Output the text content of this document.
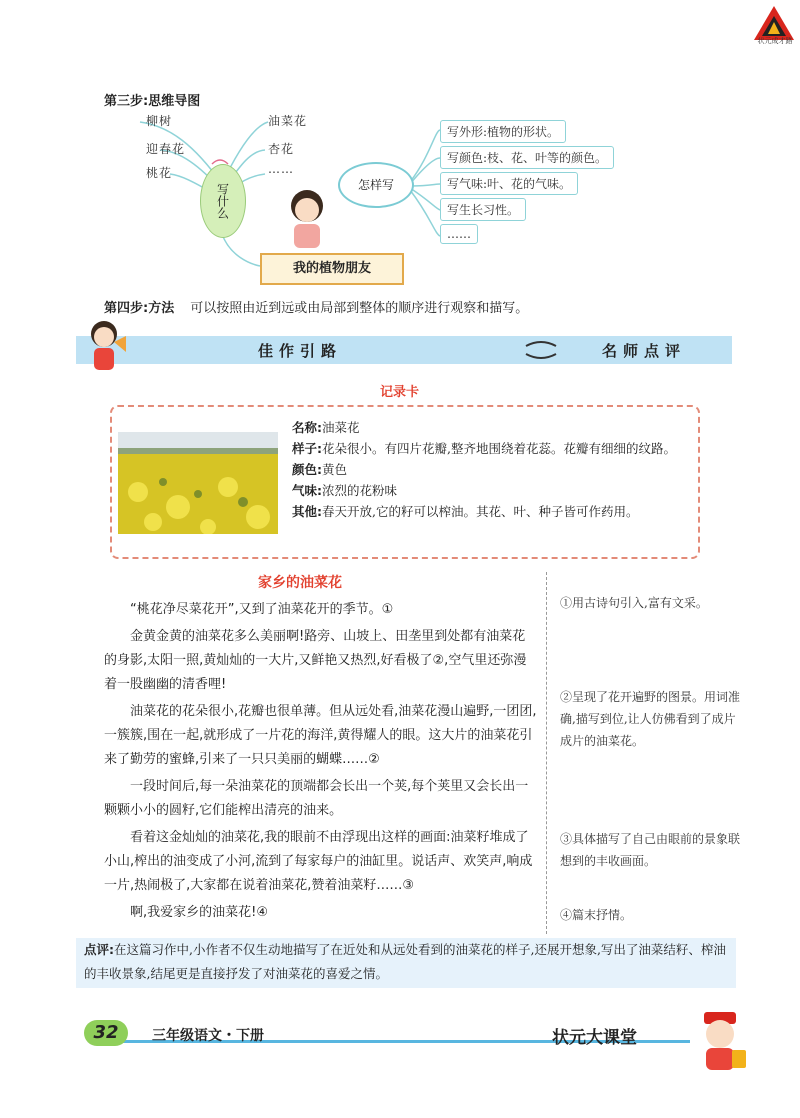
状元成才路
第三步:思维导图
柳树
迎春花
桃花
油菜花
杏花
……
写什么
我的植物朋友
怎样写
写外形:植物的形状。
写颜色:枝、花、叶等的颜色。
写气味:叶、花的气味。
写生长习性。
……
第四步:方法 可以按照由近到远或由局部到整体的顺序进行观察和描写。
佳作引路	名师点评
记录卡
名称: 油菜花
样子: 花朵很小。有四片花瓣,整齐地围绕着花蕊。花瓣有细细的纹路。
颜色: 黄色
气味: 浓烈的花粉味
其他: 春天开放,它的籽可以榨油。其花、叶、种子皆可作药用。
家乡的油菜花

“桃花净尽菜花开”,又到了油菜花开的季节。①

金黄金黄的油菜花多么美丽啊!路旁、山坡上、田垄里到处都有油菜花的身影,太阳一照,黄灿灿的一大片,又鲜艳又热烈,好看极了②,空气里还弥漫着一股幽幽的清香哩!

油菜花的花朵很小,花瓣也很单薄。但从远处看,油菜花漫山遍野,一团团,一簇簇,围在一起,就形成了一片花的海洋,黄得耀人的眼。这大片的油菜花引来了勤劳的蜜蜂,引来了一只只美丽的蝴蝶……②

一段时间后,每一朵油菜花的顶端都会长出一个荚,每个荚里又会长出一颗颗小小的圆籽,它们能榨出清亮的油来。

看着这金灿灿的油菜花,我的眼前不由浮现出这样的画面:油菜籽堆成了小山,榨出的油变成了小河,流到了每家每户的油缸里。说话声、欢笑声,响成一片,热闹极了,大家都在说着油菜花,赞着油菜籽……③

啊,我爱家乡的油菜花!④

①用古诗句引入,富有文采。
②呈现了花开遍野的图景。用词准确,描写到位,让人仿佛看到了成片成片的油菜花。
③具体描写了自己由眼前的景象联想到的丰收画面。
④篇末抒情。
点评:在这篇习作中,小作者不仅生动地描写了在近处和从远处看到的油菜花的样子,还展开想象,写出了油菜结籽、榨油的丰收景象,结尾更是直接抒发了对油菜花的喜爱之情。
32	三年级语文・下册	状元大课堂
